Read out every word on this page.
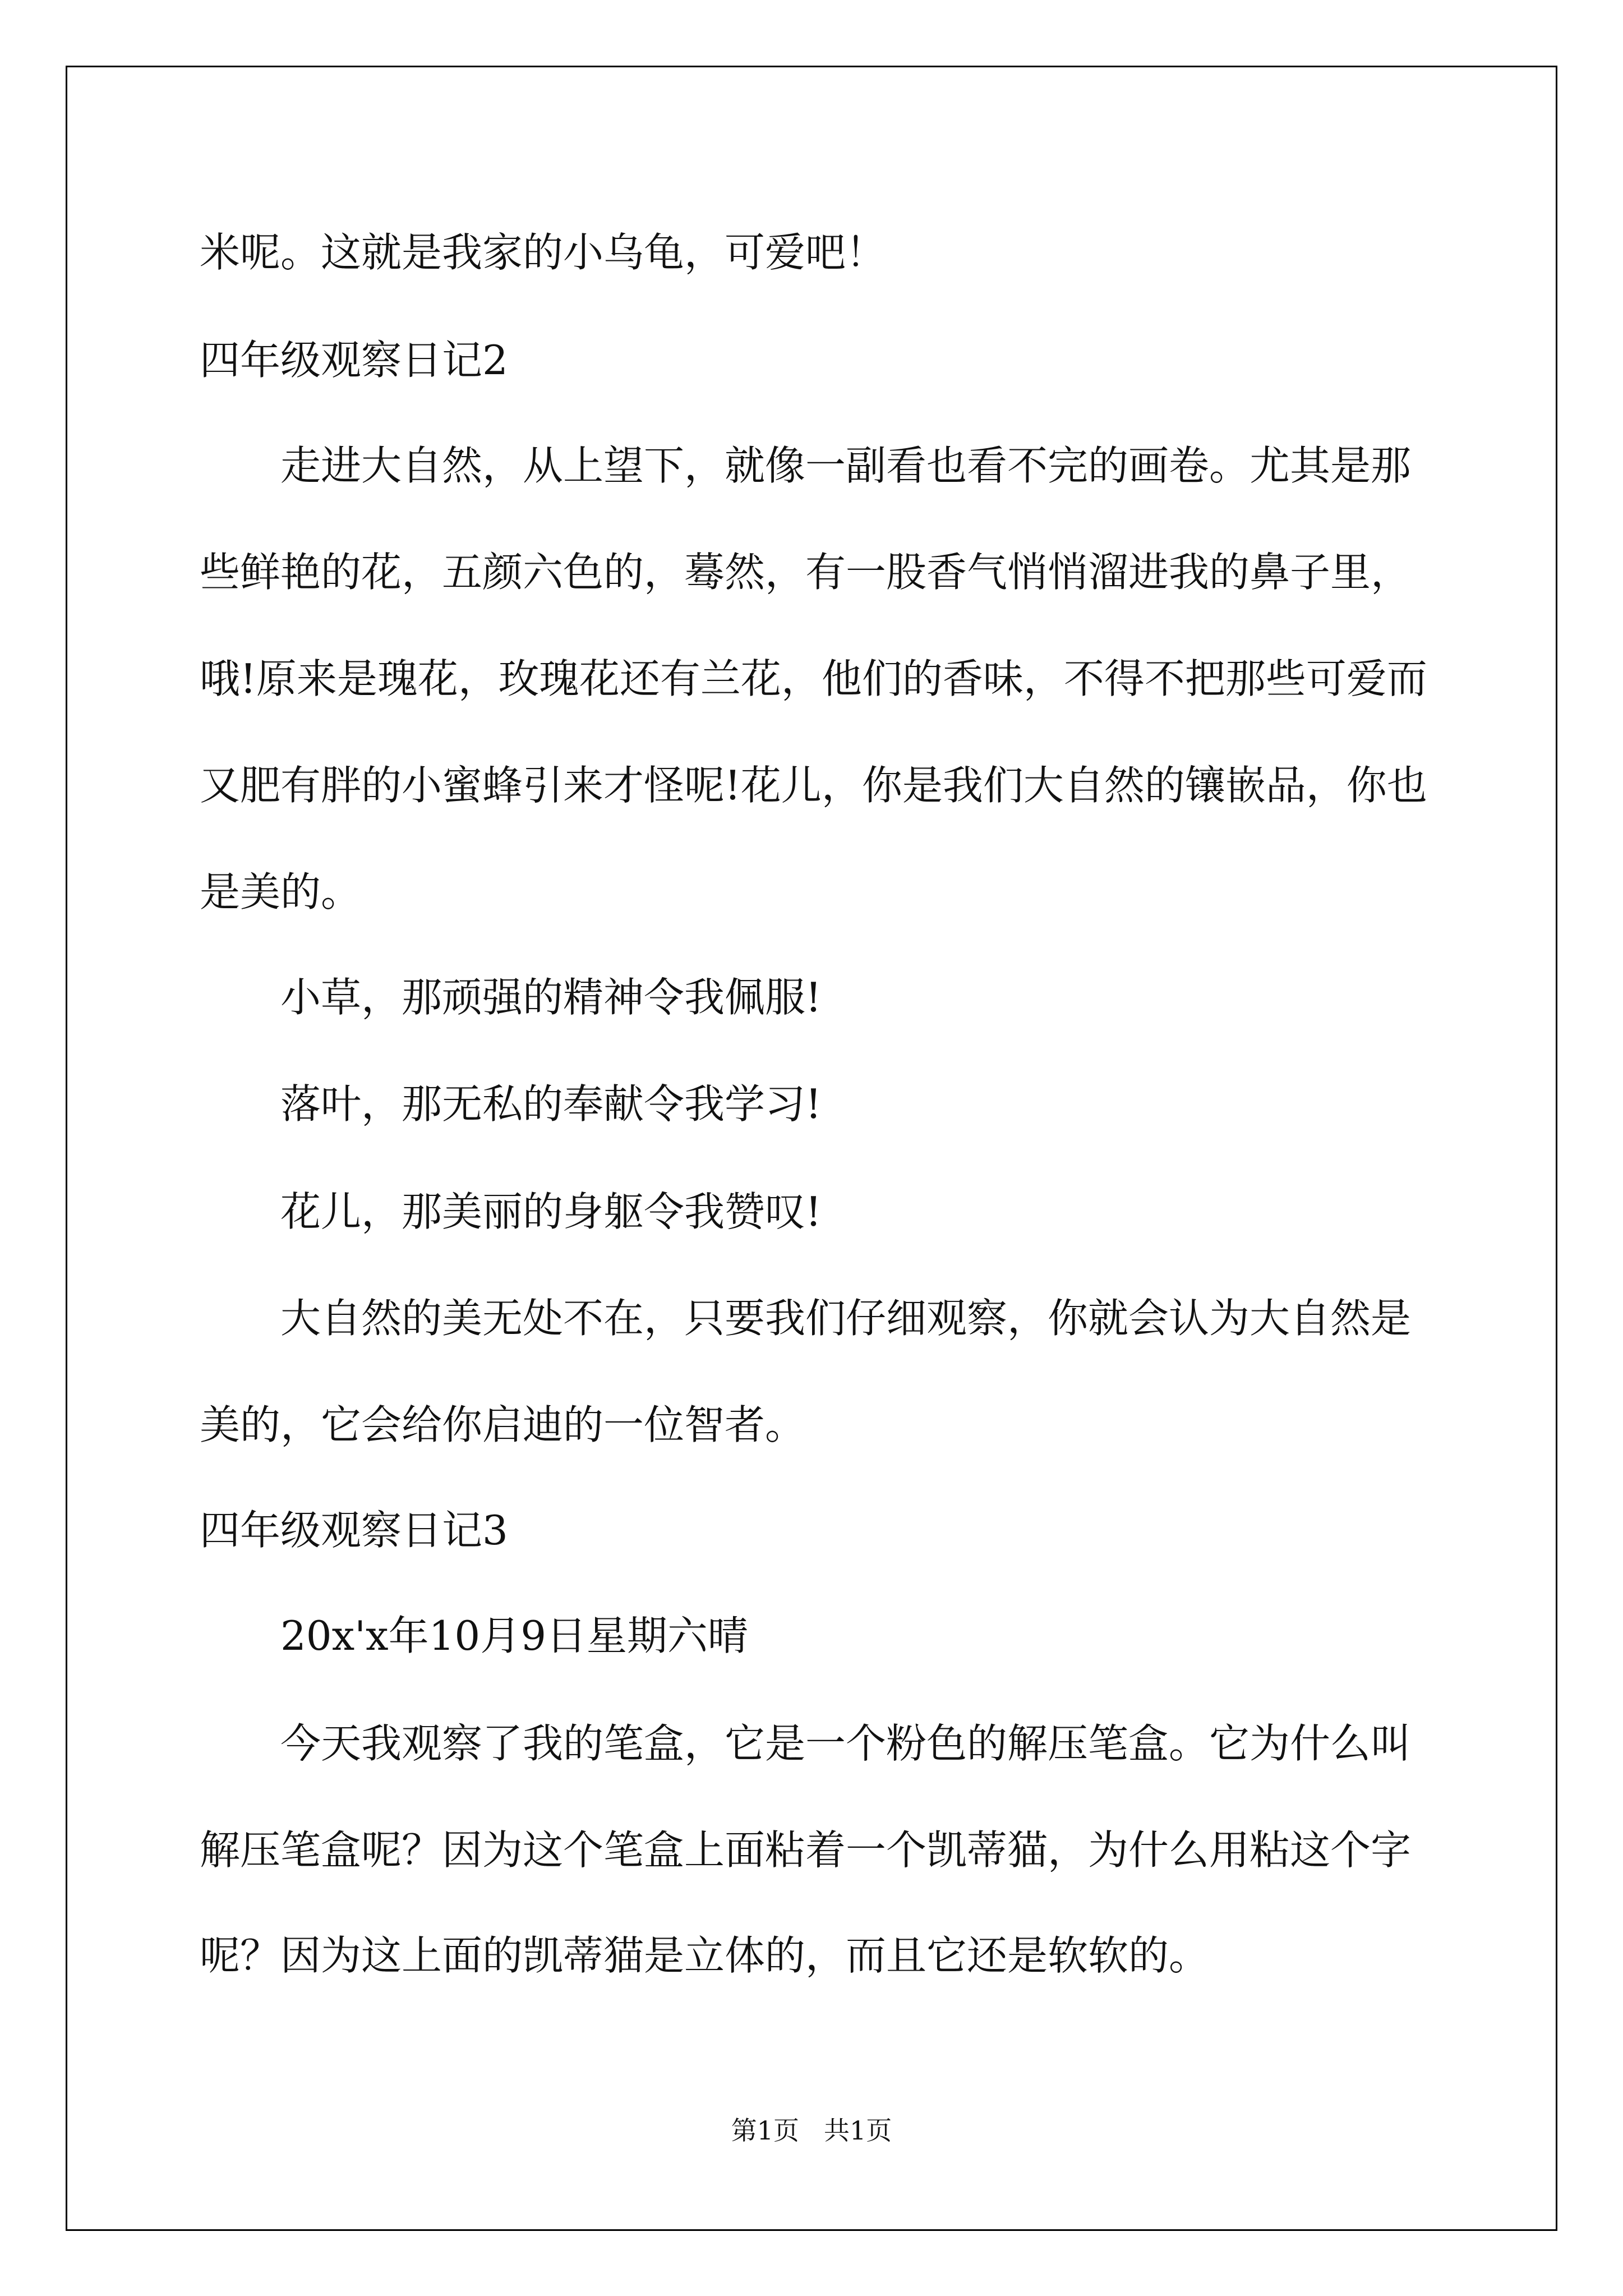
米呢。这就是我家的小乌龟，可爱吧！

四年级观察日记2

走进大自然，从上望下，就像一副看也看不完的画卷。尤其是那

些鲜艳的花，五颜六色的，蓦然，有一股香气悄悄溜进我的鼻子里，

哦!原来是瑰花，玫瑰花还有兰花，他们的香味，不得不把那些可爱而

又肥有胖的小蜜蜂引来才怪呢!花儿，你是我们大自然的镶嵌品，你也

是美的。

小草，那顽强的精神令我佩服!

落叶，那无私的奉献令我学习!

花儿，那美丽的身躯令我赞叹!

大自然的美无处不在，只要我们仔细观察，你就会认为大自然是

美的，它会给你启迪的一位智者。

四年级观察日记3

20x'x年10月9日星期六晴

今天我观察了我的笔盒，它是一个粉色的解压笔盒。它为什么叫

解压笔盒呢？因为这个笔盒上面粘着一个凯蒂猫，为什么用粘这个字

呢？因为这上面的凯蒂猫是立体的，而且它还是软软的。

第1页 共1页
